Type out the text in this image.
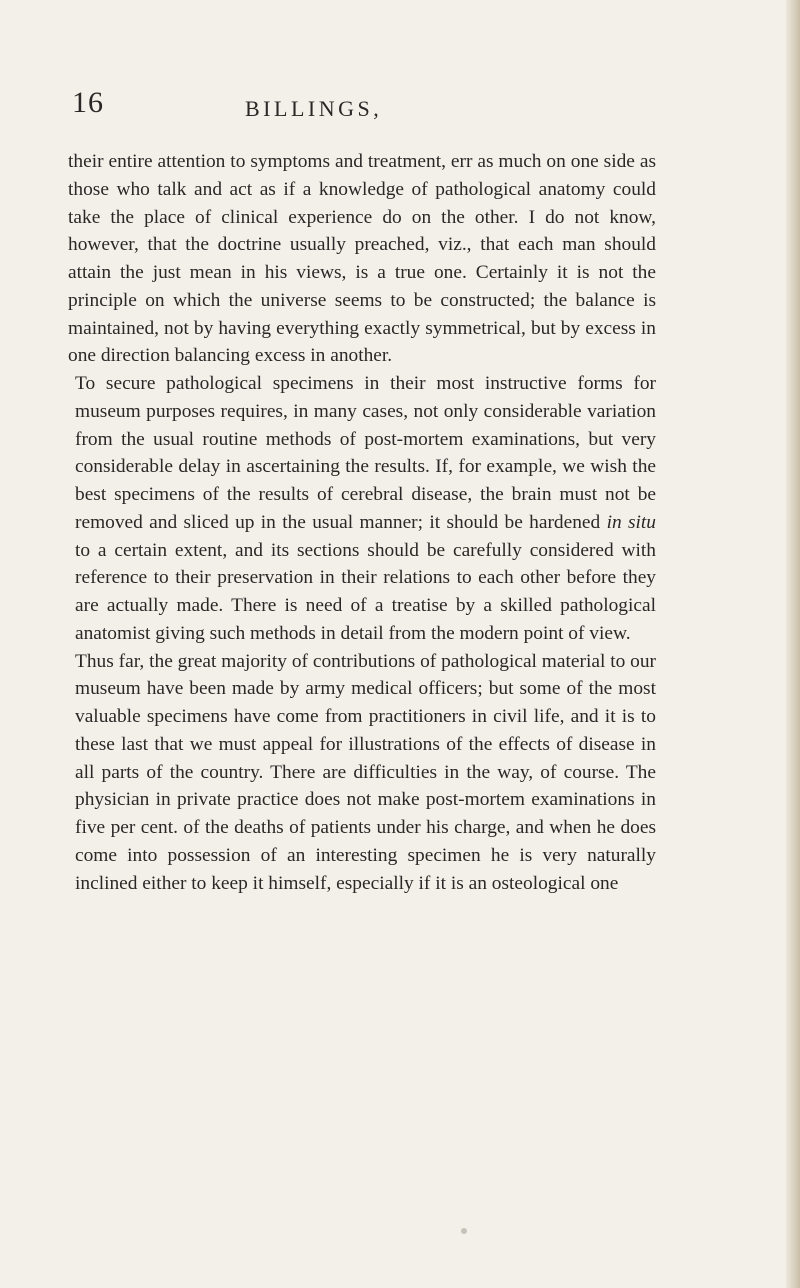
16	BILLINGS,

their entire attention to symptoms and treatment, err as much on one side as those who talk and act as if a knowledge of pathological anatomy could take the place of clinical experience do on the other. I do not know, however, that the doctrine usually preached, viz., that each man should attain the just mean in his views, is a true one. Certainly it is not the principle on which the universe seems to be constructed; the balance is maintained, not by having everything exactly symmetrical, but by excess in one direction balancing excess in another.

To secure pathological specimens in their most instructive forms for museum purposes requires, in many cases, not only considerable variation from the usual routine methods of post-mortem examinations, but very considerable delay in ascertaining the results. If, for example, we wish the best specimens of the results of cerebral disease, the brain must not be removed and sliced up in the usual manner; it should be hardened in situ to a certain extent, and its sections should be carefully considered with reference to their preservation in their relations to each other before they are actually made. There is need of a treatise by a skilled pathological anatomist giving such methods in detail from the modern point of view.

Thus far, the great majority of contributions of pathological material to our museum have been made by army medical officers; but some of the most valuable specimens have come from practitioners in civil life, and it is to these last that we must appeal for illustrations of the effects of disease in all parts of the country. There are difficulties in the way, of course. The physician in private practice does not make post-mortem examinations in five per cent. of the deaths of patients under his charge, and when he does come into possession of an interesting specimen he is very naturally inclined either to keep it himself, especially if it is an osteological one
